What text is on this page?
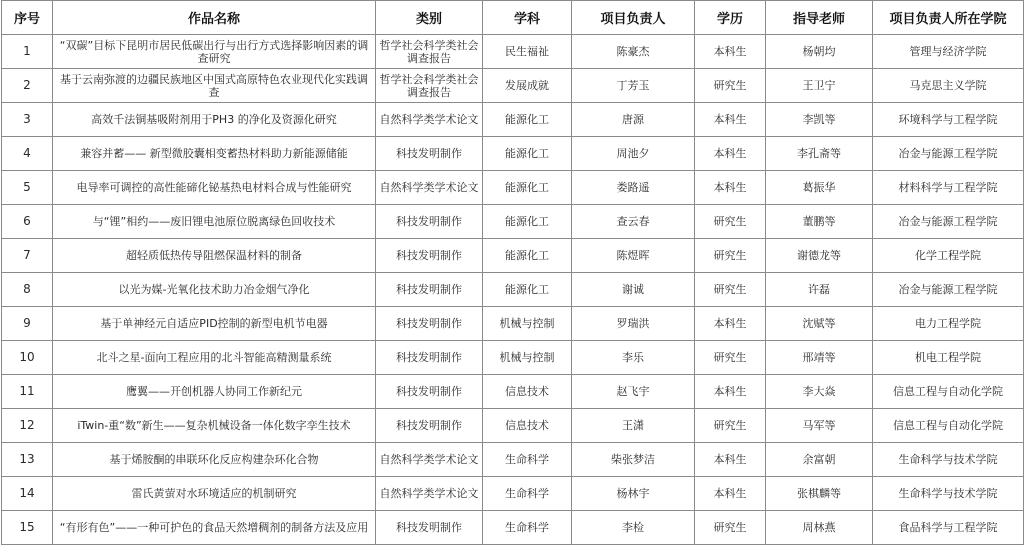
序号	作品名称	类别	学科	项目负责人	学历	指导老师	项目负责人所在学院
1	“双碳”目标下昆明市居民低碳出行与出行方式选择影响因素的调查研究	哲学社会科学类社会调查报告	民生福祉	陈豪杰	本科生	杨朝均	管理与经济学院
2	基于云南弥渡的边疆民族地区中国式高原特色农业现代化实践调查	哲学社会科学类社会调查报告	发展成就	丁芳玉	研究生	王卫宁	马克思主义学院
3	高效千法铜基吸附剂用于PH3 的净化及资源化研究	自然科学类学术论文	能源化工	唐源	本科生	李凯等	环境科学与工程学院
4	兼容并蓄—— 新型微胶囊相变蓄热材料助力新能源储能	科技发明制作	能源化工	周池夕	本科生	李孔斋等	冶金与能源工程学院
5	电导率可调控的高性能碲化铋基热电材料合成与性能研究	自然科学类学术论文	能源化工	娄路遥	本科生	葛振华	材料科学与工程学院
6	与“锂”相约——废旧锂电池原位脱离绿色回收技术	科技发明制作	能源化工	查云春	研究生	董鹏等	冶金与能源工程学院
7	超轻质低热传导阻燃保温材料的制备	科技发明制作	能源化工	陈煜晖	研究生	谢德龙等	化学工程学院
8	以光为媒-光氧化技术助力冶金烟气净化	科技发明制作	能源化工	谢诚	研究生	许磊	冶金与能源工程学院
9	基于单神经元自适应PID控制的新型电机节电器	科技发明制作	机械与控制	罗瑞洪	本科生	沈赋等	电力工程学院
10	北斗之星-面向工程应用的北斗智能高精测量系统	科技发明制作	机械与控制	李乐	研究生	邢靖等	机电工程学院
11	鹰翼——开创机器人协同工作新纪元	科技发明制作	信息技术	赵飞宇	本科生	李大焱	信息工程与自动化学院
12	iTwin-重“数”新生——复杂机械设备一体化数字孪生技术	科技发明制作	信息技术	王潇	研究生	马军等	信息工程与自动化学院
13	基于烯胺酮的串联环化反应构建杂环化合物	自然科学类学术论文	生命科学	柴张梦洁	本科生	余富朝	生命科学与技术学院
14	雷氏黄萤对水环境适应的机制研究	自然科学类学术论文	生命科学	杨林宇	本科生	张棋麟等	生命科学与技术学院
15	“有形有色”——一种可护色的食品天然增稠剂的制备方法及应用	科技发明制作	生命科学	李检	研究生	周林燕	食品科学与工程学院
